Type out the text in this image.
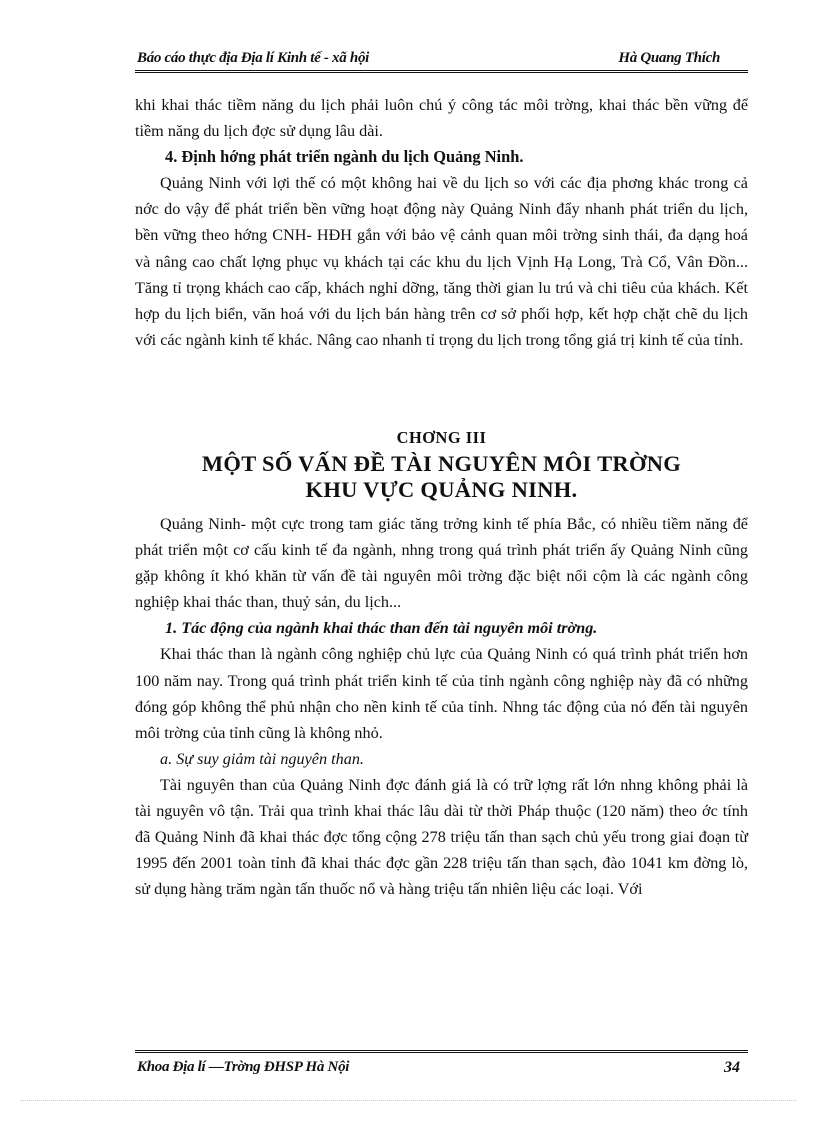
Báo cáo thực địa Địa lí Kinh tế - xã hội	Hà Quang Thích

khi khai thác tiềm năng du lịch phải luôn chú ý công tác môi trờng, khai thác bền vững để tiềm năng du lịch đợc sử dụng lâu dài.

4. Định hớng phát triển ngành du lịch Quảng Ninh.

Quảng Ninh với lợi thế có một không hai về du lịch so với các địa phơng khác trong cả nớc do vậy để phát triển bền vững hoạt động này Quảng Ninh đẩy nhanh phát triển du lịch, bền vững theo hớng CNH- HĐH gắn với bảo vệ cảnh quan môi trờng sinh thái, đa dạng hoá và nâng cao chất lợng phục vụ khách tại các khu du lịch Vịnh Hạ Long, Trà Cổ, Vân Đồn... Tăng tỉ trọng khách cao cấp, khách nghỉ dỡng, tăng thời gian lu trú và chi tiêu của khách. Kết hợp du lịch biển, văn hoá với du lịch bán hàng trên cơ sở phối hợp, kết hợp chặt chẽ du lịch với các ngành kinh tế khác. Nâng cao nhanh tỉ trọng du lịch trong tổng giá trị kinh tế của tỉnh.

CHƠNG III
MỘT SỐ VẤN ĐỀ TÀI NGUYÊN MÔI TRỜNG
KHU VỰC QUẢNG NINH.

Quảng Ninh- một cực trong tam giác tăng trởng kinh tế phía Bắc, có nhiều tiềm năng để phát triển một cơ cấu kinh tế đa ngành, nhng trong quá trình phát triển ấy Quảng Ninh cũng gặp không ít khó khăn từ vấn đề tài nguyên môi trờng đặc biệt nổi cộm là các ngành công nghiệp khai thác than, thuỷ sản, du lịch...

1. Tác động của ngành khai thác than đến tài nguyên môi trờng.

Khai thác than là ngành công nghiệp chủ lực của Quảng Ninh có quá trình phát triển hơn 100 năm nay. Trong quá trình phát triển kinh tế của tỉnh ngành công nghiệp này đã có những đóng góp không thể phủ nhận cho nền kinh tế của tỉnh. Nhng tác động của nó đến tài nguyên môi trờng của tỉnh cũng là không nhỏ.

a. Sự suy giảm tài nguyên than.

Tài nguyên than của Quảng Ninh đợc đánh giá là có trữ lợng rất lớn nhng không phải là tài nguyên vô tận. Trải qua trình khai thác lâu dài từ thời Pháp thuộc (120 năm) theo ớc tính đã Quảng Ninh đã khai thác đợc tổng cộng 278 triệu tấn than sạch chủ yếu trong giai đoạn từ 1995 đến 2001 toàn tỉnh đã khai thác đợc gần 228 triệu tấn than sạch, đào 1041 km đờng lò, sử dụng hàng trăm ngàn tấn thuốc nổ và hàng triệu tấn nhiên liệu các loại. Với

Khoa Địa lí —Trờng ĐHSP Hà Nội	34
